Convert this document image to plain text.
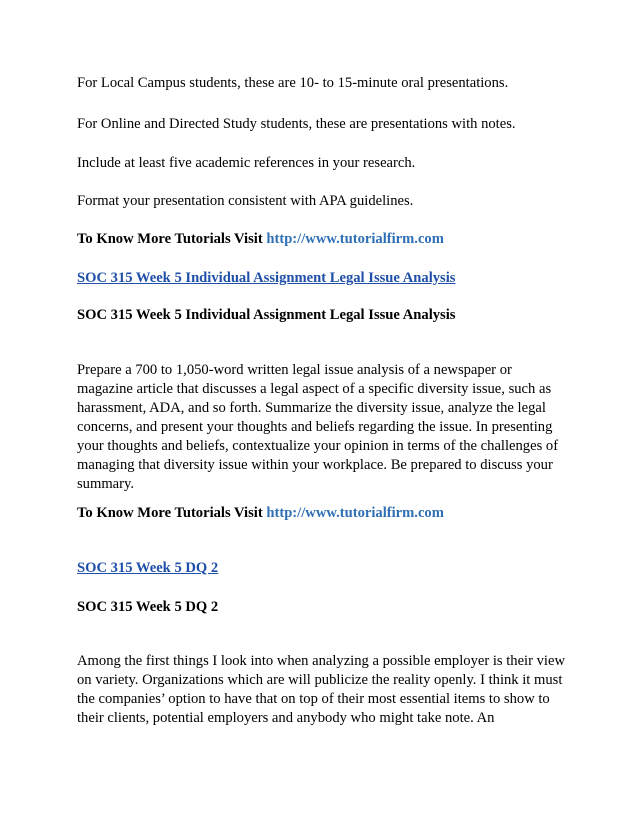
For Local Campus students, these are 10- to 15-minute oral presentations.

For Online and Directed Study students, these are presentations with notes.

Include at least five academic references in your research.

Format your presentation consistent with APA guidelines.

To Know More Tutorials Visit http://www.tutorialfirm.com

SOC 315 Week 5 Individual Assignment Legal Issue Analysis

SOC 315 Week 5 Individual Assignment Legal Issue Analysis

Prepare a 700 to 1,050-word written legal issue analysis of a newspaper or magazine article that discusses a legal aspect of a specific diversity issue, such as harassment, ADA, and so forth. Summarize the diversity issue, analyze the legal concerns, and present your thoughts and beliefs regarding the issue. In presenting your thoughts and beliefs, contextualize your opinion in terms of the challenges of managing that diversity issue within your workplace. Be prepared to discuss your summary.

To Know More Tutorials Visit http://www.tutorialfirm.com

SOC 315 Week 5 DQ 2

SOC 315 Week 5 DQ 2

Among the first things I look into when analyzing a possible employer is their view on variety. Organizations which are will publicize the reality openly. I think it must the companies’ option to have that on top of their most essential items to show to their clients, potential employers and anybody who might take note. An
